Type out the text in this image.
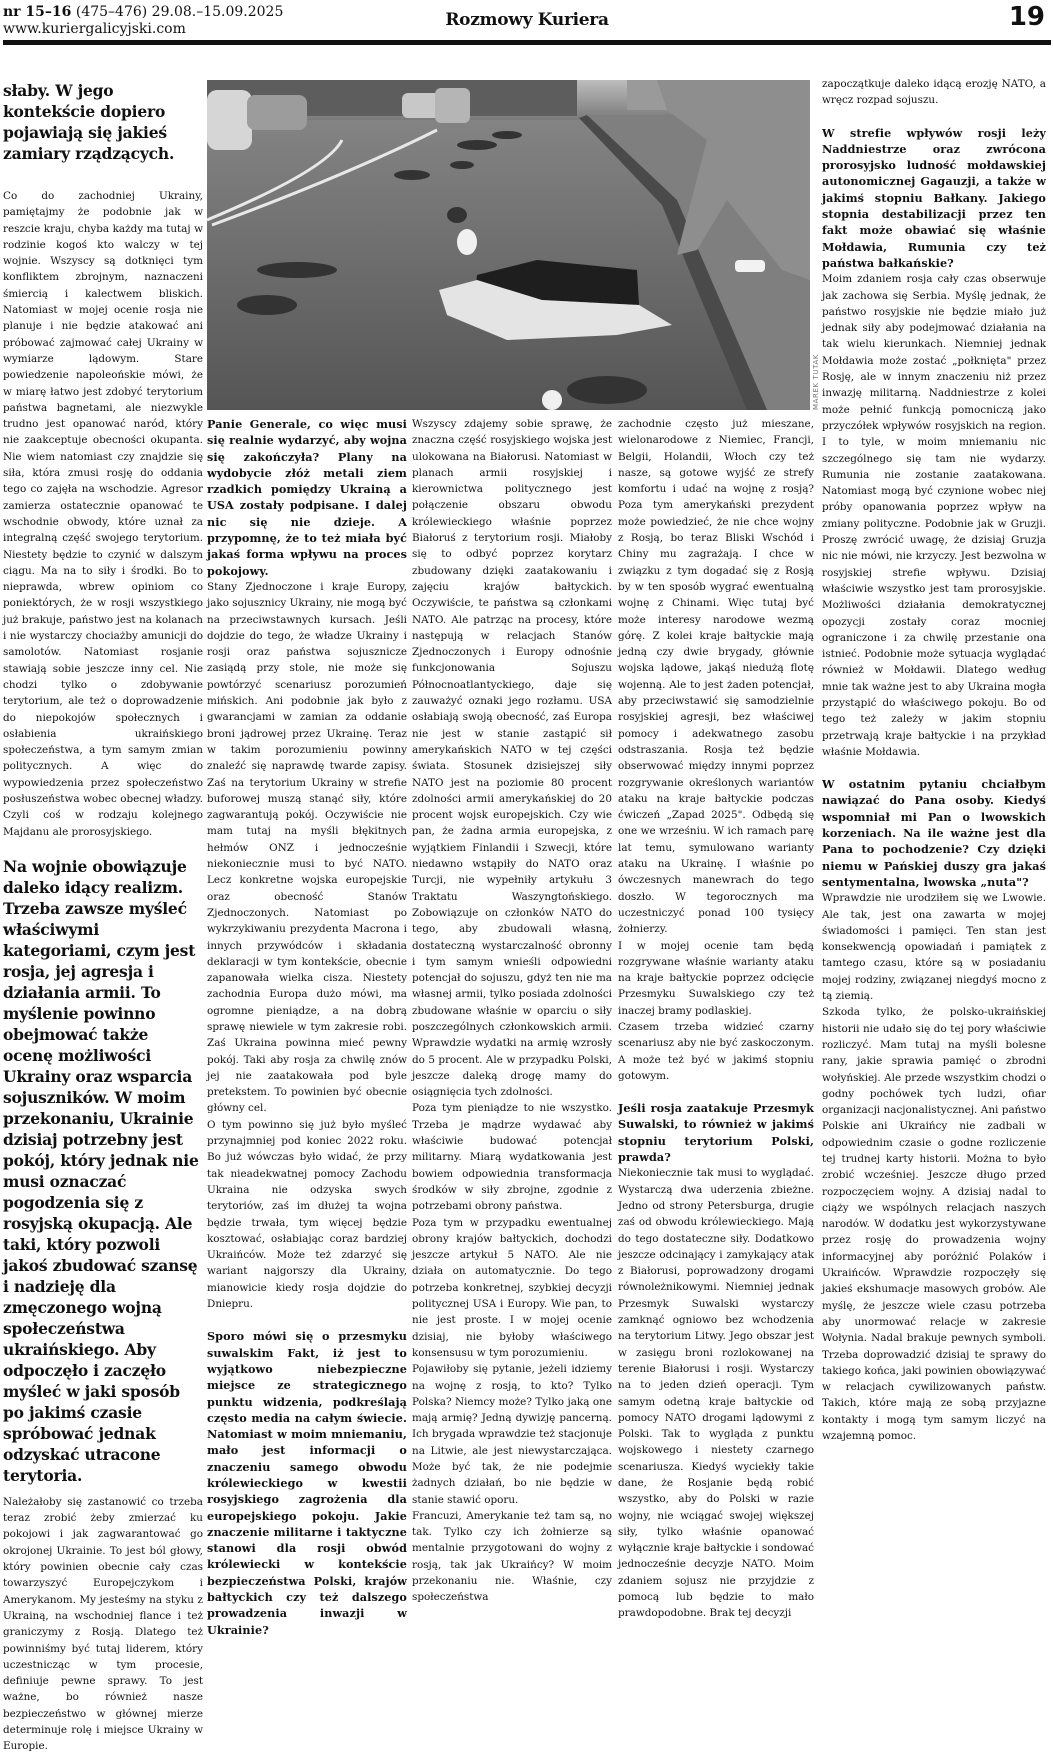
nr 15–16 (475–476) 29.08.–15.09.2025
www.kuriergalicyjski.com	Rozmowy Kuriera	19

słaby. W jego kontekście dopiero pojawiają się jakieś zamiary rządzących.

Co do zachodniej Ukrainy, pamiętajmy że podobnie jak w reszcie kraju, chyba każdy ma tutaj w rodzinie kogoś kto walczy w tej wojnie. Wszyscy są dotknięci tym konfliktem zbrojnym, naznaczeni śmiercią i kalectwem bliskich. Natomiast w mojej ocenie rosja nie planuje i nie będzie atakować ani próbować zajmować całej Ukrainy w wymiarze lądowym. Stare powiedzenie napoleońskie mówi, że w miarę łatwo jest zdobyć terytorium państwa bagnetami, ale niezwykle trudno jest opanować naród, który nie zaakceptuje obecności okupanta. Nie wiem natomiast czy znajdzie się siła, która zmusi rosję do oddania tego co zajęła na wschodzie. Agresor zamierza ostatecznie opanować te wschodnie obwody, które uznał za integralną część swojego terytorium. Niestety będzie to czynić w dalszym ciągu. Ma na to siły i środki. Bo to nieprawda, wbrew opiniom co poniektórych, że w rosji wszystkiego już brakuje, państwo jest na kolanach i nie wystarczy chociażby amunicji do samolotów. Natomiast rosjanie stawiają sobie jeszcze inny cel. Nie chodzi tylko o zdobywanie terytorium, ale też o doprowadzenie do niepokojów społecznych i osłabienia ukraińskiego społeczeństwa, a tym samym zmian politycznych. A więc do wypowiedzenia przez społeczeństwo posłuszeństwa wobec obecnej władzy. Czyli coś w rodzaju kolejnego Majdanu ale prorosyjskiego.

Na wojnie obowiązuje daleko idący realizm. Trzeba zawsze myśleć właściwymi kategoriami, czym jest rosja, jej agresja i działania armii. To myślenie powinno obejmować także ocenę możliwości Ukrainy oraz wsparcia sojuszników. W moim przekonaniu, Ukrainie dzisiaj potrzebny jest pokój, który jednak nie musi oznaczać pogodzenia się z rosyjską okupacją. Ale taki, który pozwoli jakoś zbudować szansę i nadzieję dla zmęczonego wojną społeczeństwa ukraińskiego. Aby odpoczęło i zaczęło myśleć w jaki sposób po jakimś czasie spróbować jednak odzyskać utracone terytoria.

Należałoby się zastanowić co trzeba teraz zrobić żeby zmierzać ku pokojowi i jak zagwarantować go okrojonej Ukrainie. To jest ból głowy, który powinien obecnie cały czas towarzyszyć Europejczykom i Amerykanom. My jesteśmy na styku z Ukrainą, na wschodniej flance i też graniczymy z Rosją. Dlatego też powinniśmy być tutaj liderem, który uczestnicząc w tym procesie, definiuje pewne sprawy. To jest ważne, bo również nasze bezpieczeństwo w głównej mierze determinuje rolę i miejsce Ukrainy w Europie.

MAREK TUTAK

Panie Generale, co więc musi się realnie wydarzyć, aby wojna się zakończyła? Plany na wydobycie złóż metali ziem rzadkich pomiędzy Ukrainą a USA zostały podpisane. I dalej nic się nie dzieje. A przypomnę, że to też miała być jakaś forma wpływu na proces pokojowy.

Stany Zjednoczone i kraje Europy, jako sojusznicy Ukrainy, nie mogą być na przeciwstawnych kursach. Jeśli dojdzie do tego, że władze Ukrainy i rosji oraz państwa sojusznicze zasiądą przy stole, nie może się powtórzyć scenariusz porozumień mińskich. Ani podobnie jak było z gwarancjami w zamian za oddanie broni jądrowej przez Ukrainę. Teraz w takim porozumieniu powinny znaleźć się naprawdę twarde zapisy. Zaś na terytorium Ukrainy w strefie buforowej muszą stanąć siły, które zagwarantują pokój. Oczywiście nie mam tutaj na myśli błękitnych hełmów ONZ i jednocześnie niekoniecznie musi to być NATO. Lecz konkretne wojska europejskie oraz obecność Stanów Zjednoczonych. Natomiast po wykrzykiwaniu prezydenta Macrona i innych przywódców i składania deklaracji w tym kontekście, obecnie zapanowała wielka cisza. Niestety zachodnia Europa dużo mówi, ma ogromne pieniądze, a na dobrą sprawę niewiele w tym zakresie robi. Zaś Ukraina powinna mieć pewny pokój. Taki aby rosja za chwilę znów jej nie zaatakowała pod byle pretekstem. To powinien być obecnie główny cel.

O tym powinno się już było myśleć przynajmniej pod koniec 2022 roku. Bo już wówczas było widać, że przy tak nieadekwatnej pomocy Zachodu Ukraina nie odzyska swych terytoriów, zaś im dłużej ta wojna będzie trwała, tym więcej będzie kosztować, osłabiając coraz bardziej Ukraińców. Może też zdarzyć się wariant najgorszy dla Ukrainy, mianowicie kiedy rosja dojdzie do Dniepru.

Sporo mówi się o przesmyku suwalskim Fakt, iż jest to wyjątkowo niebezpieczne miejsce ze strategicznego punktu widzenia, podkreślają często media na całym świecie. Natomiast w moim mniemaniu, mało jest informacji o znaczeniu samego obwodu królewieckiego w kwestii rosyjskiego zagrożenia dla europejskiego pokoju. Jakie znaczenie militarne i taktyczne stanowi dla rosji obwód królewiecki w kontekście bezpieczeństwa Polski, krajów bałtyckich czy też dalszego prowadzenia inwazji w Ukrainie?

Wszyscy zdajemy sobie sprawę, że znaczna część rosyjskiego wojska jest ulokowana na Białorusi. Natomiast w planach armii rosyjskiej i kierownictwa politycznego jest połączenie obszaru obwodu królewieckiego właśnie poprzez Białoruś z terytorium rosji. Miałoby się to odbyć poprzez korytarz zbudowany dzięki zaatakowaniu i zajęciu krajów bałtyckich. Oczywiście, te państwa są członkami NATO. Ale patrząc na procesy, które następują w relacjach Stanów Zjednoczonych i Europy odnośnie funkcjonowania Sojuszu Północnoatlantyckiego, daje się zauważyć oznaki jego rozłamu. USA osłabiają swoją obecność, zaś Europa nie jest w stanie zastąpić sił amerykańskich NATO w tej części świata. Stosunek dzisiejszej siły NATO jest na poziomie 80 procent zdolności armii amerykańskiej do 20 procent wojsk europejskich. Czy wie pan, że żadna armia europejska, z wyjątkiem Finlandii i Szwecji, które niedawno wstąpiły do NATO oraz Turcji, nie wypełniły artykułu 3 Traktatu Waszyngtońskiego. Zobowiązuje on członków NATO do tego, aby zbudowali własną, dostateczną wystarczalność obronny i tym samym wnieśli odpowiedni potencjał do sojuszu, gdyż ten nie ma własnej armii, tylko posiada zdolności zbudowane właśnie w oparciu o siły poszczególnych członkowskich armii. Wprawdzie wydatki na armię wzrosły do 5 procent. Ale w przypadku Polski, jeszcze daleką drogę mamy do osiągnięcia tych zdolności.

Poza tym pieniądze to nie wszystko. Trzeba je mądrze wydawać aby właściwie budować potencjał militarny. Miarą wydatkowania jest bowiem odpowiednia transformacja środków w siły zbrojne, zgodnie z potrzebami obrony państwa.

Poza tym w przypadku ewentualnej obrony krajów bałtyckich, dochodzi jeszcze artykuł 5 NATO. Ale nie działa on automatycznie. Do tego potrzeba konkretnej, szybkiej decyzji politycznej USA i Europy. Wie pan, to nie jest proste. I w mojej ocenie dzisiaj, nie byłoby właściwego konsensusu w tym porozumieniu.

Pojawiłoby się pytanie, jeżeli idziemy na wojnę z rosją, to kto? Tylko Polska? Niemcy może? Tylko jaką one mają armię? Jedną dywizję pancerną. Ich brygada wprawdzie też stacjonuje na Litwie, ale jest niewystarczająca. Może być tak, że nie podejmie żadnych działań, bo nie będzie w stanie stawić oporu.

Francuzi, Amerykanie też tam są, no tak. Tylko czy ich żołnierze są mentalnie przygotowani do wojny z rosją, tak jak Ukraińcy? W moim przekonaniu nie. Właśnie, czy społeczeństwa

zachodnie często już mieszane, wielonarodowe z Niemiec, Francji, Belgii, Holandii, Włoch czy też nasze, są gotowe wyjść ze strefy komfortu i udać na wojnę z rosją? Poza tym amerykański prezydent może powiedzieć, że nie chce wojny z Rosją, bo teraz Bliski Wschód i Chiny mu zagrażają. I chce w związku z tym dogadać się z Rosją by w ten sposób wygrać ewentualną wojnę z Chinami. Więc tutaj być może interesy narodowe wezmą górę. Z kolei kraje bałtyckie mają jedną czy dwie brygady, głównie wojska lądowe, jakąś niedużą flotę wojenną. Ale to jest żaden potencjał, aby przeciwstawić się samodzielnie rosyjskiej agresji, bez właściwej pomocy i adekwatnego zasobu odstraszania. Rosja też będzie obserwować między innymi poprzez rozgrywanie określonych wariantów ataku na kraje bałtyckie podczas ćwiczeń „Zapad 2025". Odbędą się one we wrześniu. W ich ramach parę lat temu, symulowano warianty ataku na Ukrainę. I właśnie po ówczesnych manewrach do tego doszło. W tegorocznych ma uczestniczyć ponad 100 tysięcy żołnierzy.

I w mojej ocenie tam będą rozgrywane właśnie warianty ataku na kraje bałtyckie poprzez odcięcie Przesmyku Suwalskiego czy też inaczej bramy podlaskiej.

Czasem trzeba widzieć czarny scenariusz aby nie być zaskoczonym. A może też być w jakimś stopniu gotowym.

Jeśli rosja zaatakuje Przesmyk Suwalski, to również w jakimś stopniu terytorium Polski, prawda?

Niekoniecznie tak musi to wyglądać. Wystarczą dwa uderzenia zbieżne. Jedno od strony Petersburga, drugie zaś od obwodu królewieckiego. Mają do tego dostateczne siły. Dodatkowo jeszcze odcinający i zamykający atak z Białorusi, poprowadzony drogami równoleżnikowymi. Niemniej jednak Przesmyk Suwalski wystarczy zamknąć ogniowo bez wchodzenia na terytorium Litwy. Jego obszar jest w zasięgu broni rozlokowanej na terenie Białorusi i rosji. Wystarczy na to jeden dzień operacji. Tym samym odetną kraje bałtyckie od pomocy NATO drogami lądowymi z Polski. Tak to wygląda z punktu wojskowego i niestety czarnego scenariusza. Kiedyś wyciekły takie dane, że Rosjanie będą robić wszystko, aby do Polski w razie wojny, nie wciągać swojej większej siły, tylko właśnie opanować wyłącznie kraje bałtyckie i sondować jednocześnie decyzje NATO. Moim zdaniem sojusz nie przyjdzie z pomocą lub będzie to mało prawdopodobne. Brak tej decyzji

zapoczątkuje daleko idącą erozję NATO, a wręcz rozpad sojuszu.

W strefie wpływów rosji leży Naddniestrze oraz zwrócona prorosyjsko ludność mołdawskiej autonomicznej Gagauzji, a także w jakimś stopniu Bałkany. Jakiego stopnia destabilizacji przez ten fakt może obawiać się właśnie Mołdawia, Rumunia czy też państwa bałkańskie?

Moim zdaniem rosja cały czas obserwuje jak zachowa się Serbia. Myślę jednak, że państwo rosyjskie nie będzie miało już jednak siły aby podejmować działania na tak wielu kierunkach. Niemniej jednak Mołdawia może zostać „połknięta" przez Rosję, ale w innym znaczeniu niż przez inwazję militarną. Naddniestrze z kolei może pełnić funkcją pomocniczą jako przyczółek wpływów rosyjskich na region. I to tyle, w moim mniemaniu nic szczególnego się tam nie wydarzy. Rumunia nie zostanie zaatakowana. Natomiast mogą być czynione wobec niej próby opanowania poprzez wpływ na zmiany polityczne. Podobnie jak w Gruzji. Proszę zwrócić uwagę, że dzisiaj Gruzja nic nie mówi, nie krzyczy. Jest bezwolna w rosyjskiej strefie wpływu. Dzisiaj właściwie wszystko jest tam prorosyjskie. Możliwości działania demokratycznej opozycji zostały coraz mocniej ograniczone i za chwilę przestanie ona istnieć. Podobnie może sytuacja wyglądać również w Mołdawii. Dlatego według mnie tak ważne jest to aby Ukraina mogła przystąpić do właściwego pokoju. Bo od tego też zależy w jakim stopniu przetrwają kraje bałtyckie i na przykład właśnie Mołdawia.

W ostatnim pytaniu chciałbym nawiązać do Pana osoby. Kiedyś wspomniał mi Pan o lwowskich korzeniach. Na ile ważne jest dla Pana to pochodzenie? Czy dzięki niemu w Pańskiej duszy gra jakaś sentymentalna, lwowska „nuta"?

Wprawdzie nie urodziłem się we Lwowie. Ale tak, jest ona zawarta w mojej świadomości i pamięci. Ten stan jest konsekwencją opowiadań i pamiątek z tamtego czasu, które są w posiadaniu mojej rodziny, związanej niegdyś mocno z tą ziemią.

Szkoda tylko, że polsko-ukraińskiej historii nie udało się do tej pory właściwie rozliczyć. Mam tutaj na myśli bolesne rany, jakie sprawia pamięć o zbrodni wołyńskiej. Ale przede wszystkim chodzi o godny pochówek tych ludzi, ofiar organizacji nacjonalistycznej. Ani państwo Polskie ani Ukraińcy nie zadbali w odpowiednim czasie o godne rozliczenie tej trudnej karty historii. Można to było zrobić wcześniej. Jeszcze długo przed rozpoczęciem wojny. A dzisiaj nadal to ciąży we wspólnych relacjach naszych narodów. W dodatku jest wykorzystywane przez rosję do prowadzenia wojny informacyjnej aby poróżnić Polaków i Ukraińców. Wprawdzie rozpoczęły się jakieś ekshumacje masowych grobów. Ale myślę, że jeszcze wiele czasu potrzeba aby unormować relacje w zakresie Wołynia. Nadal brakuje pewnych symboli. Trzeba doprowadzić dzisiaj te sprawy do takiego końca, jaki powinien obowiązywać w relacjach cywilizowanych państw. Takich, które mają ze sobą przyjazne kontakty i mogą tym samym liczyć na wzajemną pomoc.
